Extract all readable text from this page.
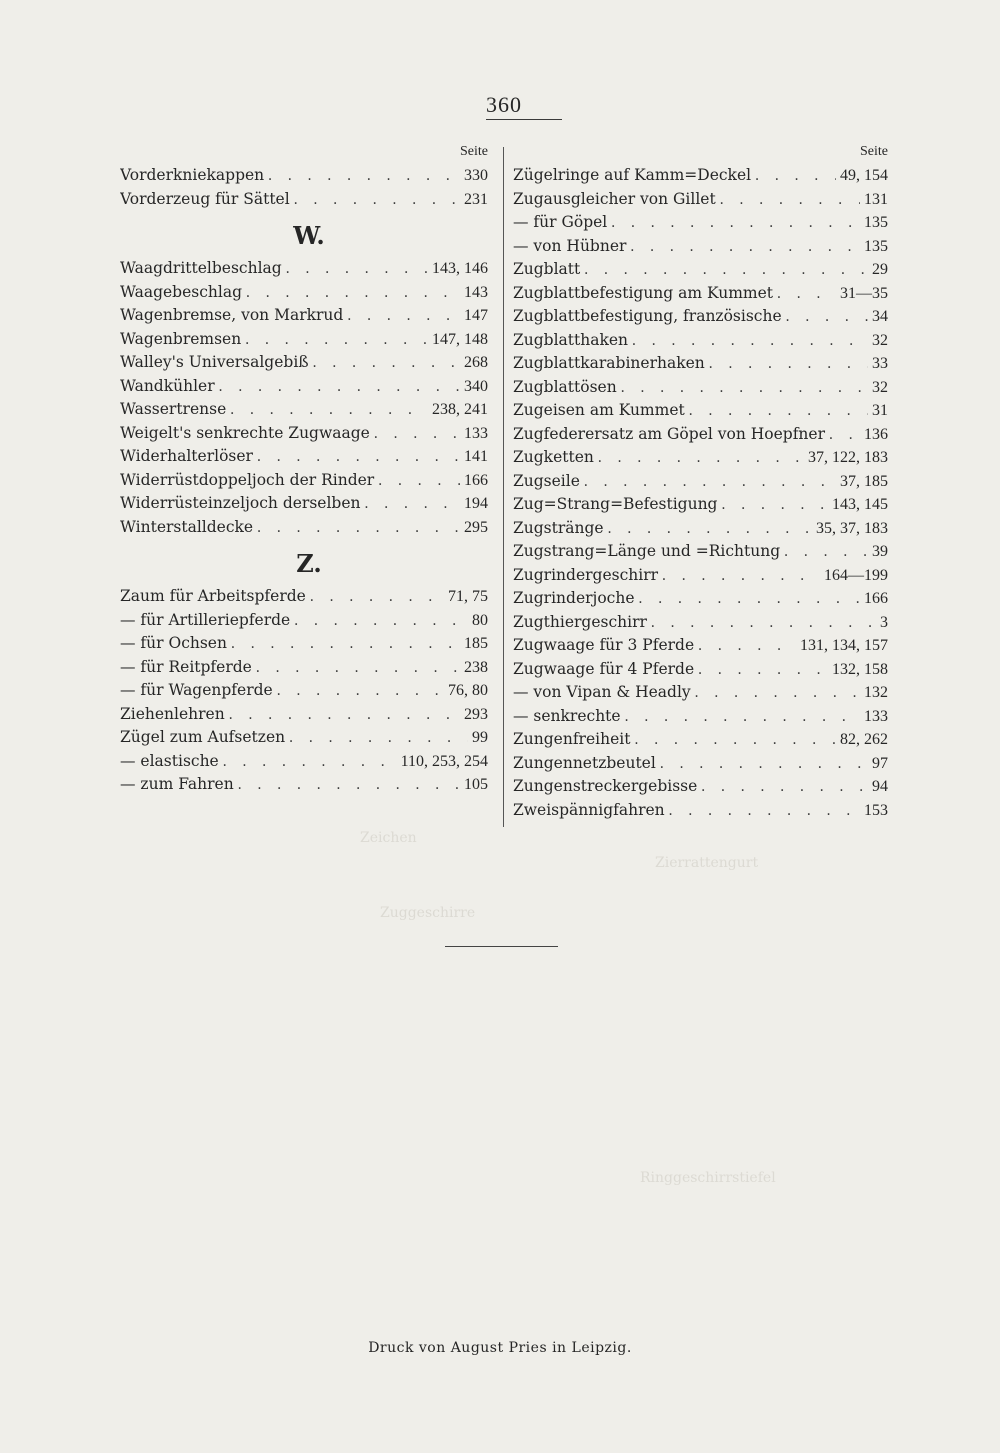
Zeichen
Zierrattengurt
Zuggeschirre
Ringgeschirrstiefel
360
Seite
Vorderkniekappen . . .	330
Vorderzeug für Sättel . . .	231
W.
Waagdrittelbeschlag . . .	143, 146
Waagebeschlag . . .	143
Wagenbremse, von Markrud . . .	147
Wagenbremsen . . .	147, 148
Walley's Universalgebiß . . .	268
Wandkühler . . .	340
Wassertrense . . .	238, 241
Weigelt's senkrechte Zugwaage . . .	133
Widerhalterlöser . . .	141
Widerrüstdoppeljoch der Rinder . . .	166
Widerrüsteinzeljoch derselben . . .	194
Winterstalldecke . . .	295
Z.
Zaum für Arbeitspferde . . .	71, 75
— für Artilleriepferde . . .	80
— für Ochsen . . .	185
— für Reitpferde . . .	238
— für Wagenpferde . . .	76, 80
Ziehenlehren . . .	293
Zügel zum Aufsetzen . . .	99
— elastische . . .	110, 253, 254
— zum Fahren . . .	105
Seite
Zügelringe auf Kamm=Deckel . . .	49, 154
Zugausgleicher von Gillet . . .	131
— für Göpel . . .	135
— von Hübner . . .	135
Zugblatt . . .	29
Zugblattbefestigung am Kummet . . .	31—35
Zugblattbefestigung, französische . . .	34
Zugblatthaken . . .	32
Zugblattkarabinerhaken . . .	33
Zugblattösen . . .	32
Zugeisen am Kummet . . .	31
Zugfederersatz am Göpel von Hoepfner . . . 136
Zugketten . . .	37, 122, 183
Zugseile . . .	37, 185
Zug=Strang=Befestigung . . .	143, 145
Zugstränge . . .	35, 37, 183
Zugstrang=Länge und =Richtung . . .	39
Zugrindergeschirr . . .	164—199
Zugrinderjoche . . .	166
Zugthiergeschirr . . .	3
Zugwaage für 3 Pferde . . .	131, 134, 157
Zugwaage für 4 Pferde . . .	132, 158
— von Vipan & Headly . . .	132
— senkrechte . . .	133
Zungenfreiheit . . .	82, 262
Zungennetzbeutel . . .	97
Zungenstreckergebisse . . .	94
Zweispännigfahren . . .	153
Druck von August Pries in Leipzig.
